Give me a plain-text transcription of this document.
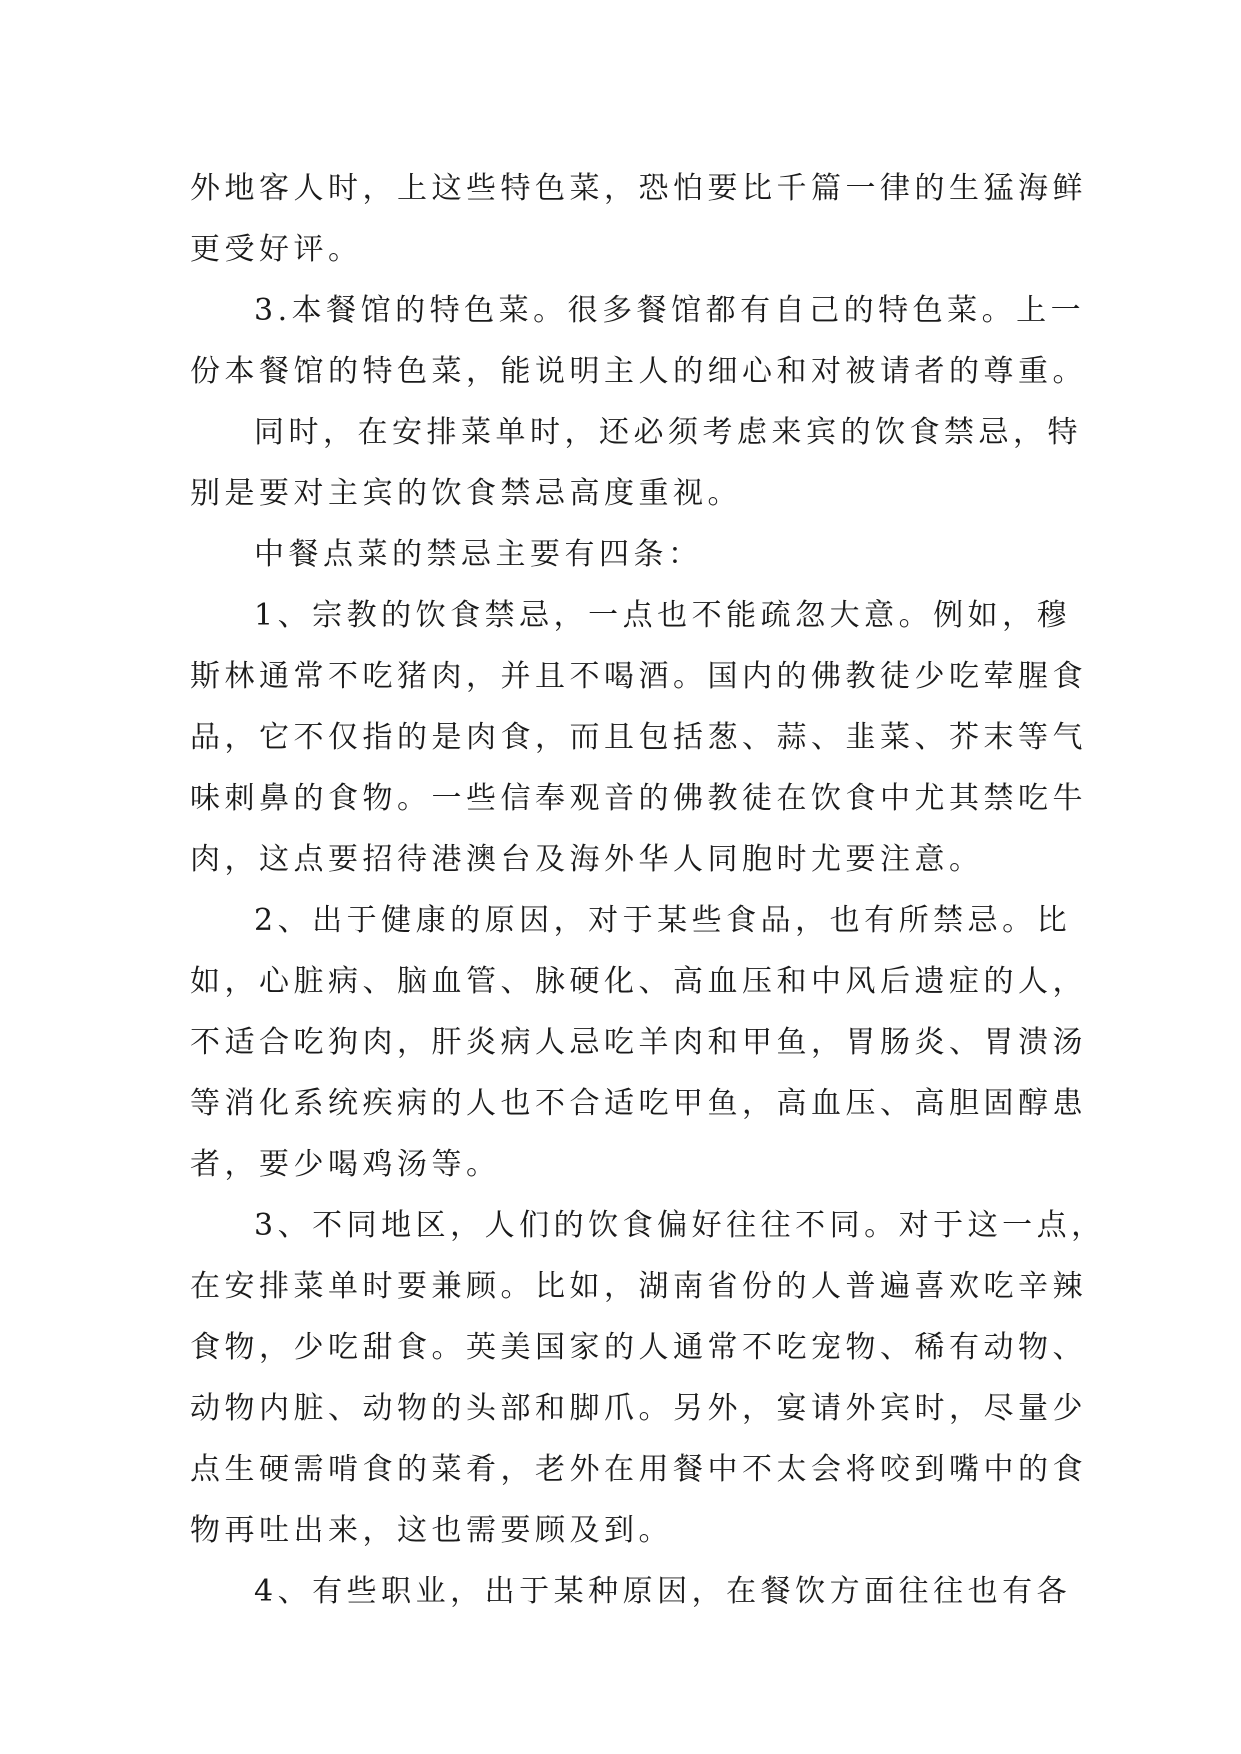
外地客人时，上这些特色菜，恐怕要比千篇一律的生猛海鲜
更受好评。

3.本餐馆的特色菜。很多餐馆都有自己的特色菜。上一
份本餐馆的特色菜，能说明主人的细心和对被请者的尊重。

同时，在安排菜单时，还必须考虑来宾的饮食禁忌，特
别是要对主宾的饮食禁忌高度重视。

中餐点菜的禁忌主要有四条：

1、宗教的饮食禁忌，一点也不能疏忽大意。例如，穆
斯林通常不吃猪肉，并且不喝酒。国内的佛教徒少吃荤腥食
品，它不仅指的是肉食，而且包括葱、蒜、韭菜、芥末等气
味刺鼻的食物。一些信奉观音的佛教徒在饮食中尤其禁吃牛
肉，这点要招待港澳台及海外华人同胞时尤要注意。

2、出于健康的原因，对于某些食品，也有所禁忌。比
如，心脏病、脑血管、脉硬化、高血压和中风后遗症的人，
不适合吃狗肉，肝炎病人忌吃羊肉和甲鱼，胃肠炎、胃溃汤
等消化系统疾病的人也不合适吃甲鱼，高血压、高胆固醇患
者，要少喝鸡汤等。

3、不同地区，人们的饮食偏好往往不同。对于这一点，
在安排菜单时要兼顾。比如，湖南省份的人普遍喜欢吃辛辣
食物，少吃甜食。英美国家的人通常不吃宠物、稀有动物、
动物内脏、动物的头部和脚爪。另外，宴请外宾时，尽量少
点生硬需啃食的菜肴，老外在用餐中不太会将咬到嘴中的食
物再吐出来，这也需要顾及到。

4、有些职业，出于某种原因，在餐饮方面往往也有各
